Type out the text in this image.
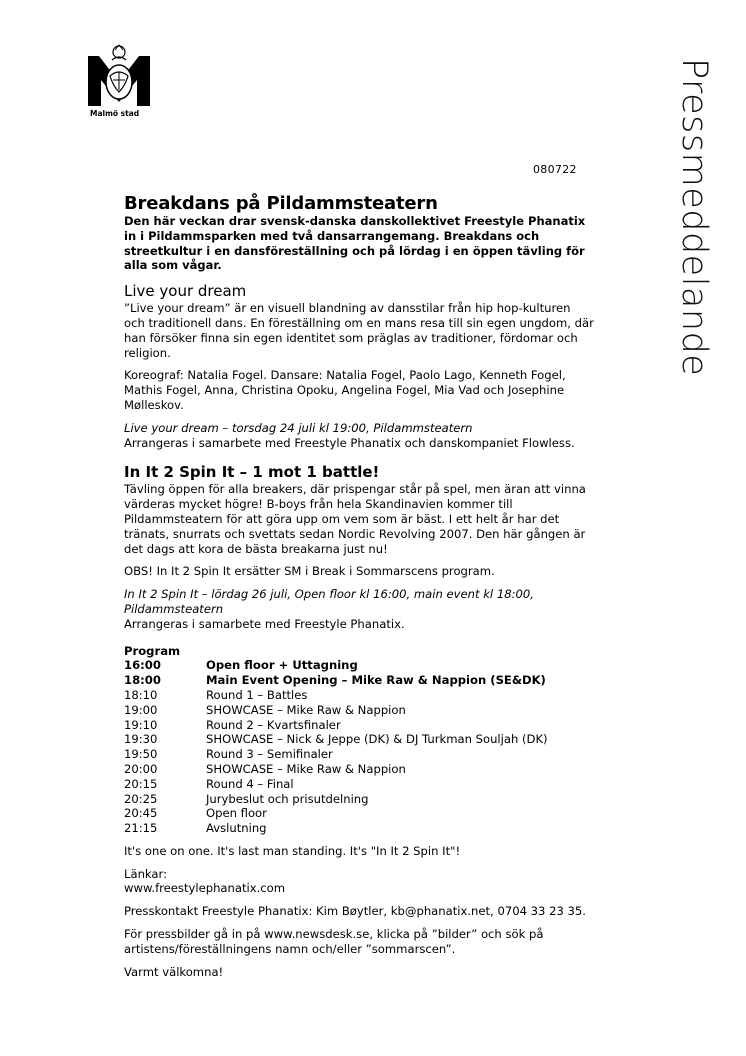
Malmö stad	Pressmeddelande
080722
Breakdans på Pildammsteatern

Den här veckan drar svensk-danska danskollektivet Freestyle Phanatix in i Pildammsparken med två dansarrangemang. Breakdans och streetkultur i en dansföreställning och på lördag i en öppen tävling för alla som vågar.

Live your dream

”Live your dream” är en visuell blandning av dansstilar från hip hop-kulturen och traditionell dans. En föreställning om en mans resa till sin egen ungdom, där han försöker finna sin egen identitet som präglas av traditioner, fördomar och religion.

Koreograf: Natalia Fogel. Dansare: Natalia Fogel, Paolo Lago, Kenneth Fogel, Mathis Fogel, Anna, Christina Opoku, Angelina Fogel, Mia Vad och Josephine Mølleskov.

Live your dream – torsdag 24 juli kl 19:00, Pildammsteatern

Arrangeras i samarbete med Freestyle Phanatix och danskompaniet Flowless.

In It 2 Spin It – 1 mot 1 battle!

Tävling öppen för alla breakers, där prispengar står på spel, men äran att vinna värderas mycket högre! B-boys från hela Skandinavien kommer till Pildammsteatern för att göra upp om vem som är bäst. I ett helt år har det tränats, snurrats och svettats sedan Nordic Revolving 2007. Den här gången är det dags att kora de bästa breakarna just nu!

OBS! In It 2 Spin It ersätter SM i Break i Sommarscens program.

In It 2 Spin It – lördag 26 juli, Open floor kl 16:00, main event kl 18:00, Pildammsteatern

Arrangeras i samarbete med Freestyle Phanatix.

Program
16:00	Open floor + Uttagning
18:00	Main Event Opening – Mike Raw & Nappion (SE&DK)
18:10	Round 1 – Battles
19:00	SHOWCASE – Mike Raw & Nappion
19:10	Round 2 – Kvartsfinaler
19:30	SHOWCASE – Nick & Jeppe (DK) & DJ Turkman Souljah (DK)
19:50	Round 3 – Semifinaler
20:00	SHOWCASE – Mike Raw & Nappion
20:15	Round 4 – Final
20:25	Jurybeslut och prisutdelning
20:45	Open floor
21:15	Avslutning

It's one on one. It's last man standing. It's "In It 2 Spin It"!

Länkar:
www.freestylephanatix.com

Presskontakt Freestyle Phanatix: Kim Bøytler, kb@phanatix.net, 0704 33 23 35.

För pressbilder gå in på www.newsdesk.se, klicka på ”bilder” och sök på artistens/föreställningens namn och/eller ”sommarscen”.

Varmt välkomna!
